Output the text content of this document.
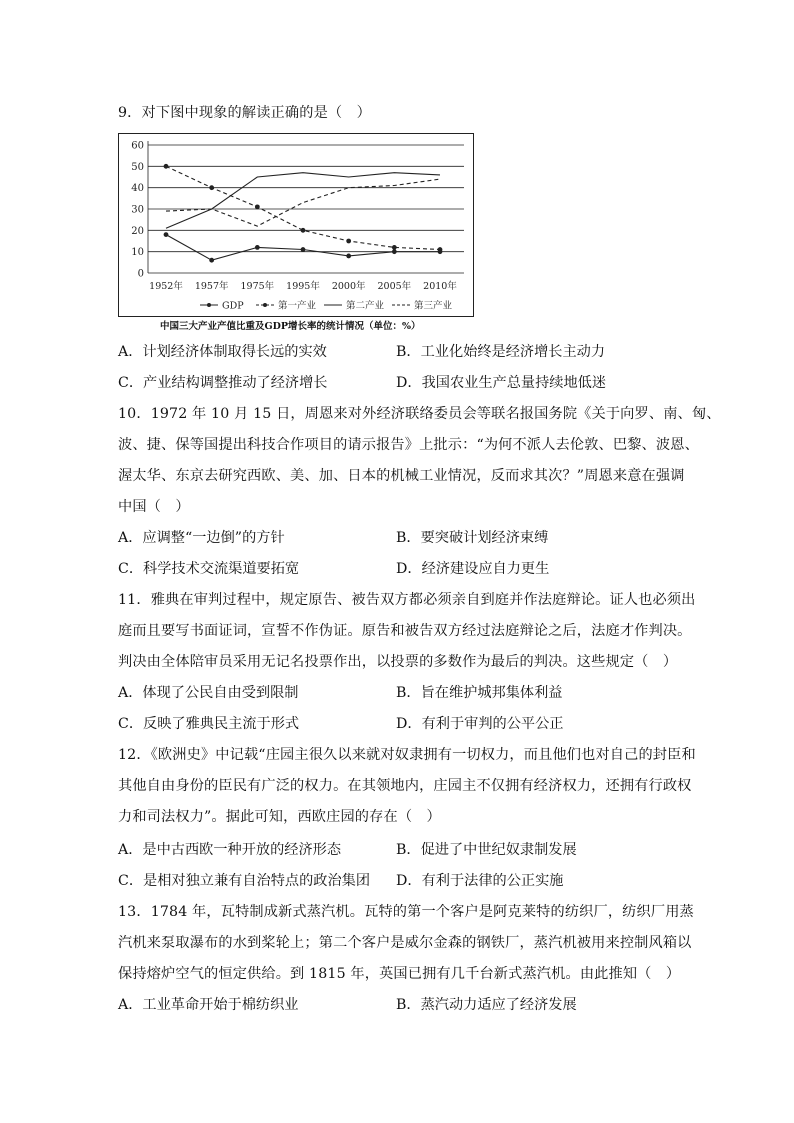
9．对下图中现象的解读正确的是（　）
0
10
20
30
40
50
60
1952年 1957年 1975年 1995年 2000年 2005年 2010年
GDP	第一产业	第二产业	第三产业
中国三大产业产值比重及GDP增长率的统计情况（单位：%）
A．计划经济体制取得长远的实效	B．工业化始终是经济增长主动力
C．产业结构调整推动了经济增长	D．我国农业生产总量持续地低迷
10．1972 年 10 月 15 日，周恩来对外经济联络委员会等联名报国务院《关于向罗、南、匈、
波、捷、保等国提出科技合作项目的请示报告》上批示：“为何不派人去伦敦、巴黎、波恩、
渥太华、东京去研究西欧、美、加、日本的机械工业情况，反而求其次？”周恩来意在强调
中国（　）
A．应调整“一边倒”的方针	B．要突破计划经济束缚
C．科学技术交流渠道要拓宽	D．经济建设应自力更生
11．雅典在审判过程中，规定原告、被告双方都必须亲自到庭并作法庭辩论。证人也必须出
庭而且要写书面证词，宣誓不作伪证。原告和被告双方经过法庭辩论之后，法庭才作判决。
判决由全体陪审员采用无记名投票作出，以投票的多数作为最后的判决。这些规定（　）
A．体现了公民自由受到限制	B．旨在维护城邦集体利益
C．反映了雅典民主流于形式	D．有利于审判的公平公正
12．《欧洲史》中记载“庄园主很久以来就对奴隶拥有一切权力，而且他们也对自己的封臣和
其他自由身份的臣民有广泛的权力。在其领地内，庄园主不仅拥有经济权力，还拥有行政权
力和司法权力”。据此可知，西欧庄园的存在（　）
A．是中古西欧一种开放的经济形态	B．促进了中世纪奴隶制发展
C．是相对独立兼有自治特点的政治集团 D．有利于法律的公正实施
13．1784 年，瓦特制成新式蒸汽机。瓦特的第一个客户是阿克莱特的纺织厂，纺织厂用蒸
汽机来泵取瀑布的水到桨轮上；第二个客户是威尔金森的钢铁厂，蒸汽机被用来控制风箱以
保持熔炉空气的恒定供给。到 1815 年，英国已拥有几千台新式蒸汽机。由此推知（　）
A．工业革命开始于棉纺织业	B．蒸汽动力适应了经济发展
